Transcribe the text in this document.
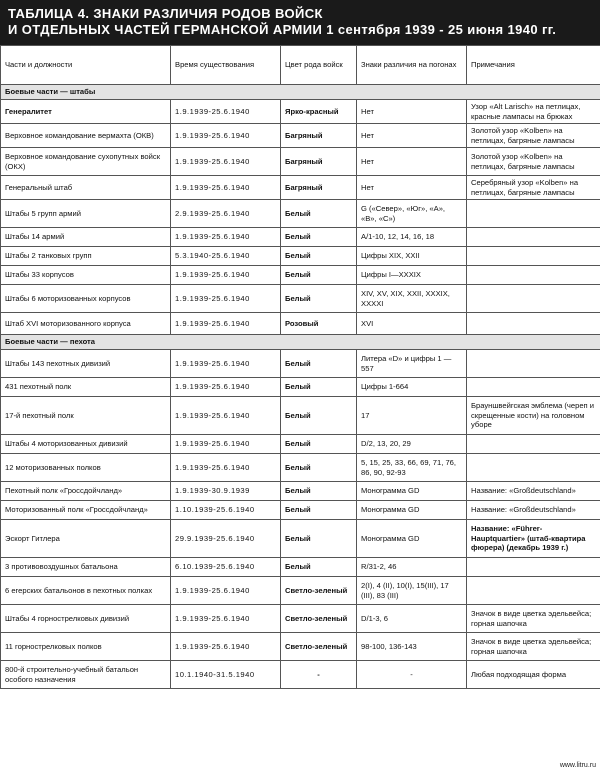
ТАБЛИЦА 4. ЗНАКИ РАЗЛИЧИЯ РОДОВ ВОЙСК
И ОТДЕЛЬНЫХ ЧАСТЕЙ ГЕРМАНСКОЙ АРМИИ 1 сентября 1939 - 25 июня 1940 гг.
Части и должности	Время существования	Цвет рода войск	Знаки различия на погонах	Примечания
Боевые части — штабы				
Генералитет	1.9.1939-25.6.1940	Ярко-красный	Нет	Узор «Alt Larisch» на петлицах, красные лампасы на брюках
Верховное командование вермахта (ОКВ)	1.9.1939-25.6.1940	Багряный	Нет	Золотой узор «Kolben» на петлицах, багряные лампасы
Верховное командование сухопутных войск (ОКХ)	1.9.1939-25.6.1940	Багряный	Нет	Золотой узор «Kolben» на петлицах, багряные лампасы
Генеральный штаб	1.9.1939-25.6.1940	Багряный	Нет	Серебряный узор «Kolben» на петлицах, багряные лампасы
Штабы 5 групп армий	2.9.1939-25.6.1940	Белый	G («Север», «Юг», «А», «В», «С»)	
Штабы 14 армий	1.9.1939-25.6.1940	Белый	А/1-10, 12, 14, 16, 18	
Штабы 2 танковых групп	5.3.1940-25.6.1940	Белый	Цифры XIX, XXII	
Штабы 33 корпусов	1.9.1939-25.6.1940	Белый	Цифры I—XXXIX	
Штабы 6 моторизованных корпусов	1.9.1939-25.6.1940	Белый	XIV, XV, XIX, XXII, XXXIX, XXXXI	
Штаб XVI моторизованного корпуса	1.9.1939-25.6.1940	Розовый	XVI	
Боевые части — пехота				
Штабы 143 пехотных дивизий	1.9.1939-25.6.1940	Белый	Литера «D» и цифры 1 — 557	
431 пехотный полк	1.9.1939-25.6.1940	Белый	Цифры 1-664	
17-й пехотный полк	1.9.1939-25.6.1940	Белый	17	Брауншвейгская эмблема (череп и скрещенные кости) на головном уборе
Штабы 4 моторизованных дивизий	1.9.1939-25.6.1940	Белый	D/2, 13, 20, 29	
12 моторизованных полков	1.9.1939-25.6.1940	Белый	5, 15, 25, 33, 66, 69, 71, 76, 86, 90, 92-93	
Пехотный полк «Гроссдойчланд»	1.9.1939-30.9.1939	Белый	Монограмма GD	Название: «Großdeutschland»
Моторизованный полк «Гроссдойчланд»	1.10.1939-25.6.1940	Белый	Монограмма GD	Название: «Großdeutschland»
Эскорт Гитлера	29.9.1939-25.6.1940	Белый	Монограмма GD	Название: «Führer-Hauptquartier» (штаб-квартира фюрера) (декабрь 1939 г.)
3 противовоздушных батальона	6.10.1939-25.6.1940	Белый	R/31-2, 46	
6 егерских батальонов в пехотных полках	1.9.1939-25.6.1940	Светло-зеленый	2(I), 4 (II), 10(I), 15(III), 17 (III), 83 (III)	
Штабы 4 горнострелковых дивизий	1.9.1939-25.6.1940	Светло-зеленый	D/1-3, 6	Значок в виде цветка эдельвейса; горная шапочка
11 горнострелковых полков	1.9.1939-25.6.1940	Светло-зеленый	98-100, 136-143	Значок в виде цветка эдельвейса; горная шапочка
800-й строительно-учебный батальон особого назначения	10.1.1940-31.5.1940	-	-	Любая подходящая форма
www.litru.ru
